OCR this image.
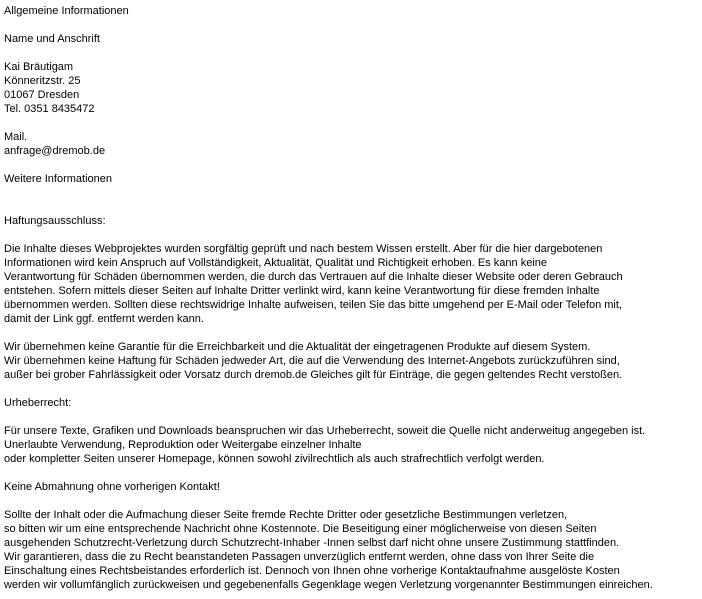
Allgemeine Informationen
Name und Anschrift
Kai Bräutigam
Könneritzstr. 25
01067 Dresden
Tel. 0351 8435472
Mail.
anfrage@dremob.de
Weitere Informationen
Haftungsausschluss:
Die Inhalte dieses Webprojektes wurden sorgfältig geprüft und nach bestem Wissen erstellt. Aber für die hier dargebotenen
Informationen wird kein Anspruch auf Vollständigkeit, Aktualität, Qualität und Richtigkeit erhoben. Es kann keine
Verantwortung für Schäden übernommen werden, die durch das Vertrauen auf die Inhalte dieser Website oder deren Gebrauch
entstehen. Sofern mittels dieser Seiten auf Inhalte Dritter verlinkt wird, kann keine Verantwortung für diese fremden Inhalte
übernommen werden. Sollten diese rechtswidrige Inhalte aufweisen, teilen Sie das bitte umgehend per E-Mail oder Telefon mit,
damit der Link ggf. entfernt werden kann.
Wir übernehmen keine Garantie für die Erreichbarkeit und die Aktualität der eingetragenen Produkte auf diesem System.
Wir übernehmen keine Haftung für Schäden jedweder Art, die auf die Verwendung des Internet-Angebots zurückzuführen sind,
außer bei grober Fahrlässigkeit oder Vorsatz durch dremob.de Gleiches gilt für Einträge, die gegen geltendes Recht verstoßen.
Urheberrecht:
Für unsere Texte, Grafiken und Downloads beanspruchen wir das Urheberrecht, soweit die Quelle nicht anderweitug angegeben ist.
Unerlaubte Verwendung, Reproduktion oder Weitergabe einzelner Inhalte
oder kompletter Seiten unserer Homepage, können sowohl zivilrechtlich als auch strafrechtlich verfolgt werden.
Keine Abmahnung ohne vorherigen Kontakt!
Sollte der Inhalt oder die Aufmachung dieser Seite fremde Rechte Dritter oder gesetzliche Bestimmungen verletzen,
so bitten wir um eine entsprechende Nachricht ohne Kostennote. Die Beseitigung einer möglicherweise von diesen Seiten
ausgehenden Schutzrecht-Verletzung durch Schutzrecht-Inhaber -Innen selbst darf nicht ohne unsere Zustimmung stattfinden.
Wir garantieren, dass die zu Recht beanstandeten Passagen unverzüglich entfernt werden, ohne dass von Ihrer Seite die
Einschaltung eines Rechtsbeistandes erforderlich ist. Dennoch von Ihnen ohne vorherige Kontaktaufnahme ausgelöste Kosten
werden wir vollumfänglich zurückweisen und gegebenenfalls Gegenklage wegen Verletzung vorgenannter Bestimmungen einreichen.
